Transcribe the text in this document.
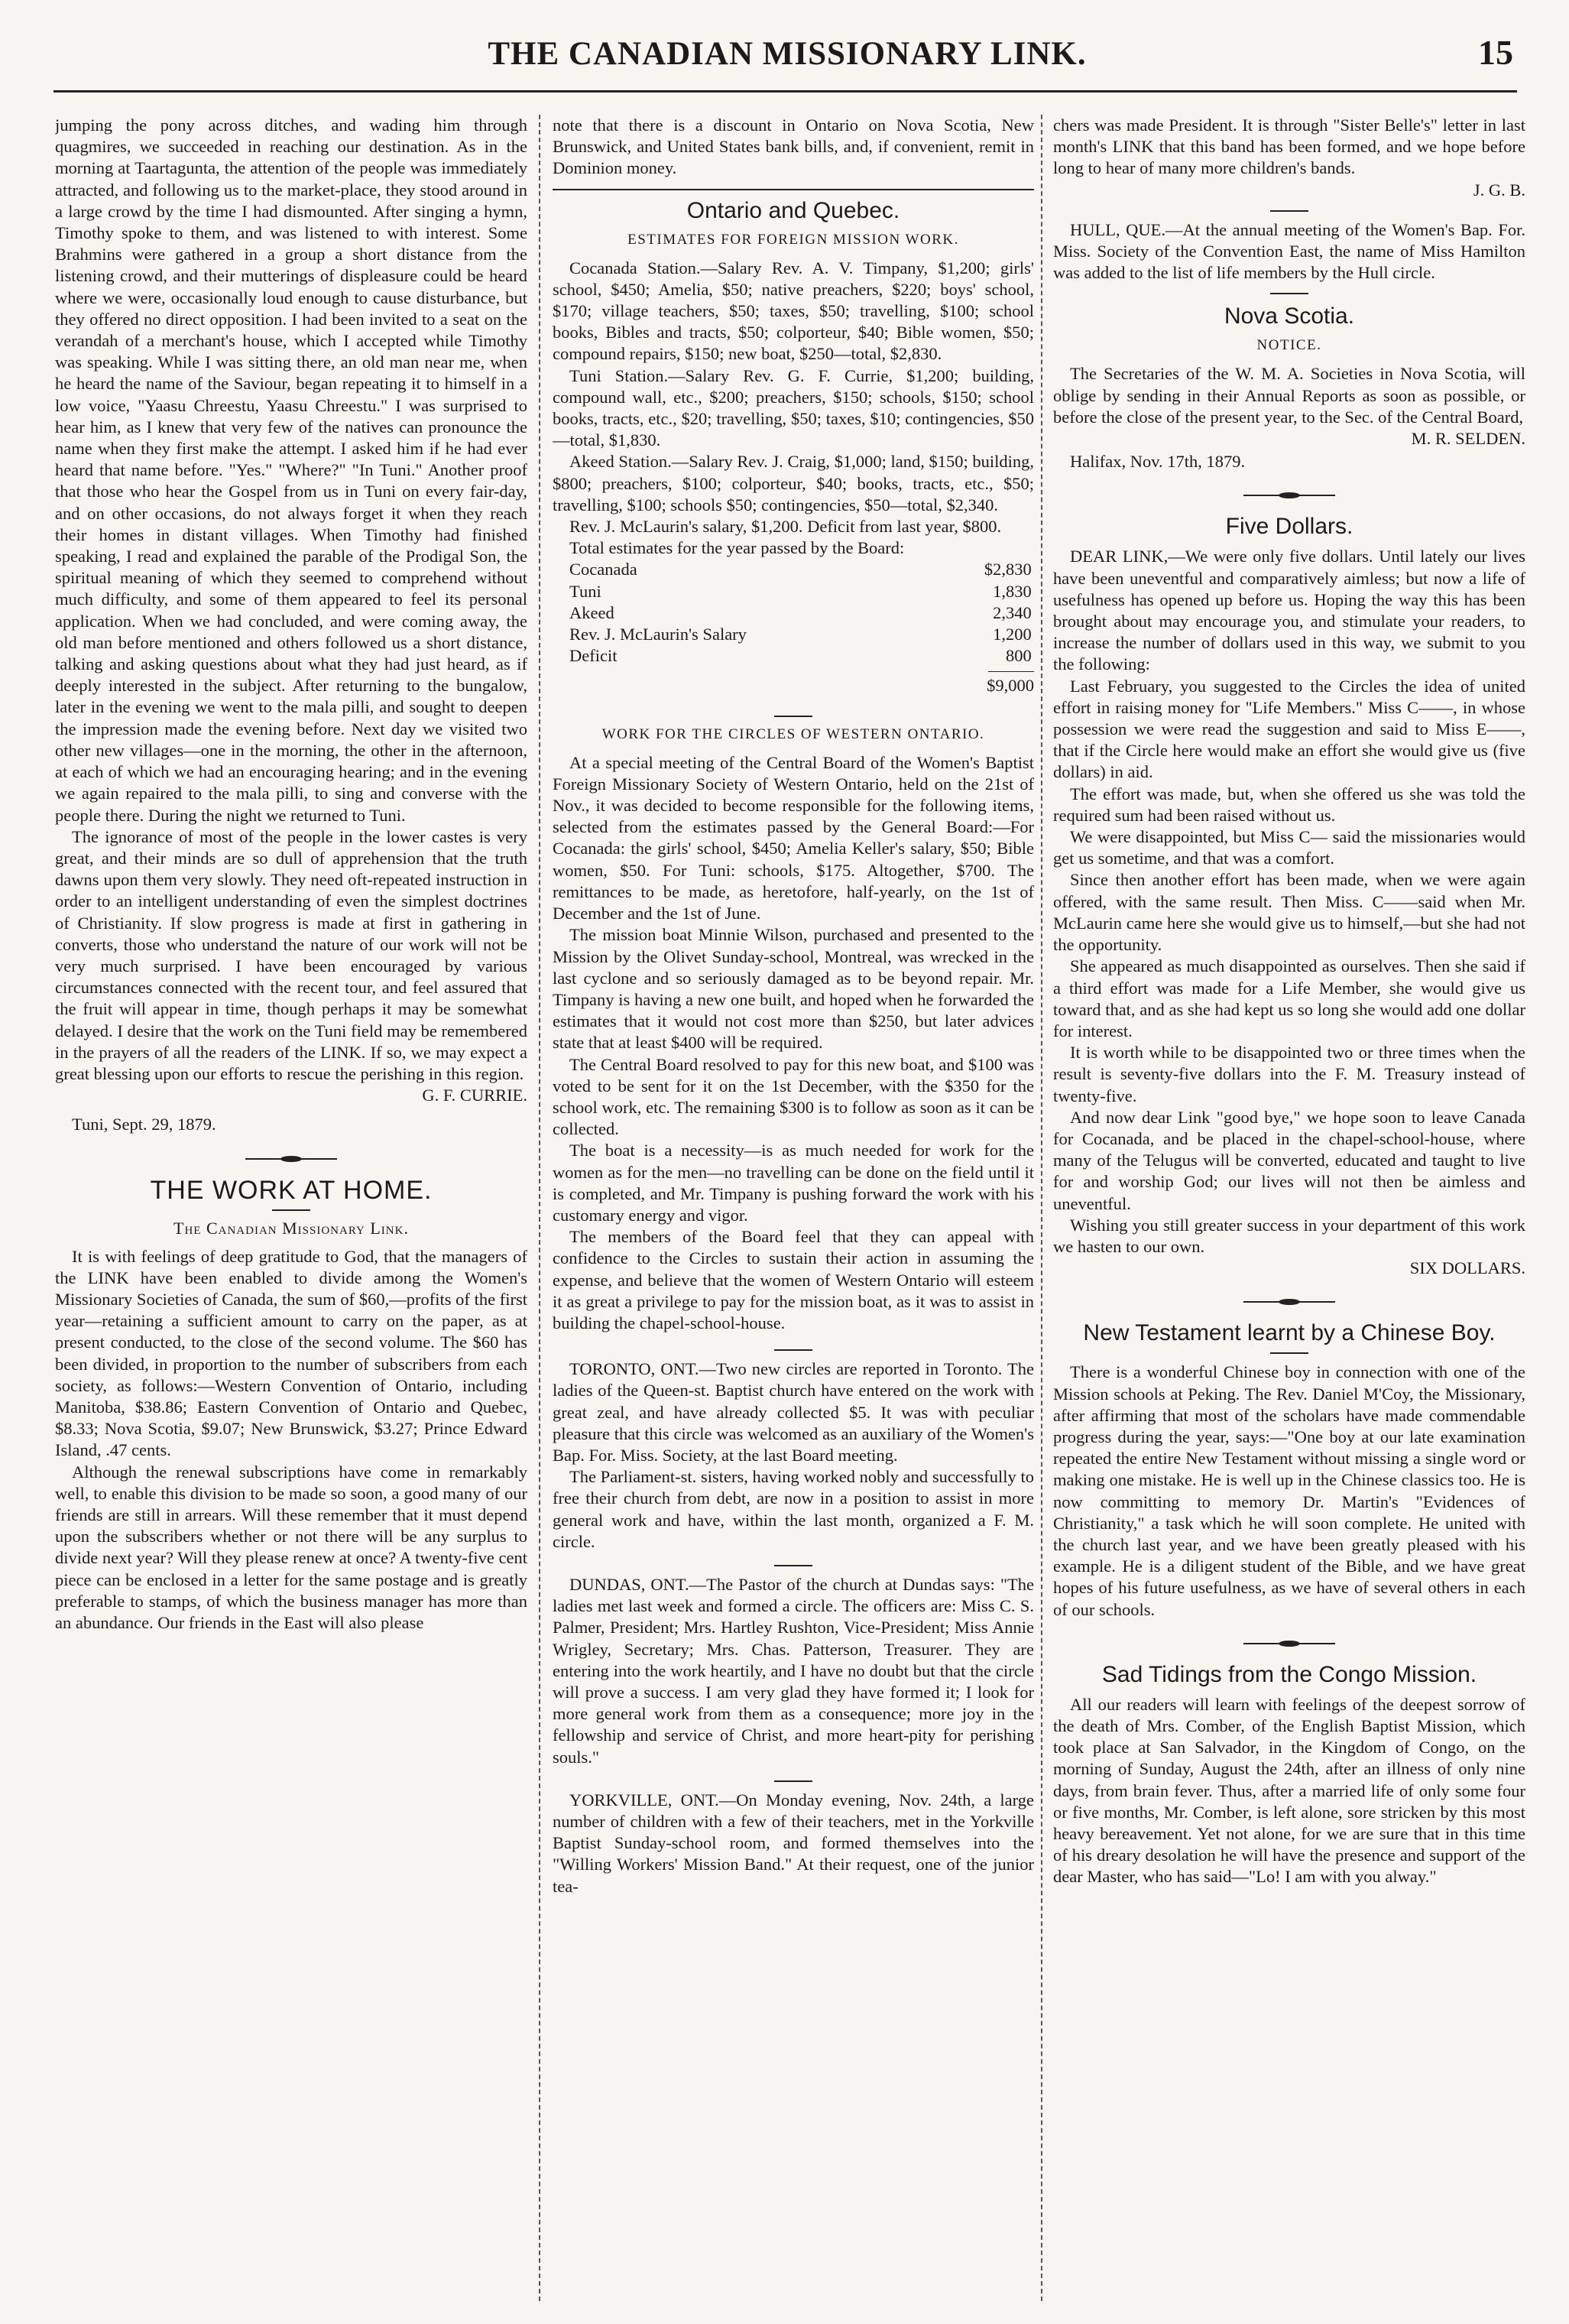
THE CANADIAN MISSIONARY LINK.	15

jumping the pony across ditches, and wading him through quagmires, we succeeded in reaching our destination. As in the morning at Taartagunta, the attention of the people was immediately attracted, and following us to the market-place, they stood around in a large crowd by the time I had dismounted. After singing a hymn, Timothy spoke to them, and was listened to with interest. Some Brahmins were gathered in a group a short distance from the listening crowd, and their mutterings of displeasure could be heard where we were, occasionally loud enough to cause disturbance, but they offered no direct opposition. I had been invited to a seat on the verandah of a merchant's house, which I accepted while Timothy was speaking. While I was sitting there, an old man near me, when he heard the name of the Saviour, began repeating it to himself in a low voice, "Yaasu Chreestu, Yaasu Chreestu." I was surprised to hear him, as I knew that very few of the natives can pronounce the name when they first make the attempt. I asked him if he had ever heard that name before. "Yes." "Where?" "In Tuni." Another proof that those who hear the Gospel from us in Tuni on every fair-day, and on other occasions, do not always forget it when they reach their homes in distant villages. When Timothy had finished speaking, I read and explained the parable of the Prodigal Son, the spiritual meaning of which they seemed to comprehend without much difficulty, and some of them appeared to feel its personal application. When we had concluded, and were coming away, the old man before mentioned and others followed us a short distance, talking and asking questions about what they had just heard, as if deeply interested in the subject. After returning to the bungalow, later in the evening we went to the mala pilli, and sought to deepen the impression made the evening before. Next day we visited two other new villages—one in the morning, the other in the afternoon, at each of which we had an encouraging hearing; and in the evening we again repaired to the mala pilli, to sing and converse with the people there. During the night we returned to Tuni.

The ignorance of most of the people in the lower castes is very great, and their minds are so dull of apprehension that the truth dawns upon them very slowly. They need oft-repeated instruction in order to an intelligent understanding of even the simplest doctrines of Christianity. If slow progress is made at first in gathering in converts, those who understand the nature of our work will not be very much surprised. I have been encouraged by various circumstances connected with the recent tour, and feel assured that the fruit will appear in time, though perhaps it may be somewhat delayed. I desire that the work on the Tuni field may be remembered in the prayers of all the readers of the LINK. If so, we may expect a great blessing upon our efforts to rescue the perishing in this region.

G. F. CURRIE.

Tuni, Sept. 29, 1879.

THE WORK AT HOME.
The Canadian Missionary Link.

It is with feelings of deep gratitude to God, that the managers of the LINK have been enabled to divide among the Women's Missionary Societies of Canada, the sum of $60,—profits of the first year—retaining a sufficient amount to carry on the paper, as at present conducted, to the close of the second volume. The $60 has been divided, in proportion to the number of subscribers from each society, as follows:—Western Convention of Ontario, including Manitoba, $38.86; Eastern Convention of Ontario and Quebec, $8.33; Nova Scotia, $9.07; New Brunswick, $3.27; Prince Edward Island, .47 cents.

Although the renewal subscriptions have come in remarkably well, to enable this division to be made so soon, a good many of our friends are still in arrears. Will these remember that it must depend upon the subscribers whether or not there will be any surplus to divide next year? Will they please renew at once? A twenty-five cent piece can be enclosed in a letter for the same postage and is greatly preferable to stamps, of which the business manager has more than an abundance. Our friends in the East will also please

note that there is a discount in Ontario on Nova Scotia, New Brunswick, and United States bank bills, and, if convenient, remit in Dominion money.

Ontario and Quebec.
ESTIMATES FOR FOREIGN MISSION WORK.

Cocanada Station.—Salary Rev. A. V. Timpany, $1,200; girls' school, $450; Amelia, $50; native preachers, $220; boys' school, $170; village teachers, $50; taxes, $50; travelling, $100; school books, Bibles and tracts, $50; colporteur, $40; Bible women, $50; compound repairs, $150; new boat, $250—total, $2,830.

Tuni Station.—Salary Rev. G. F. Currie, $1,200; building, compound wall, etc., $200; preachers, $150; schools, $150; school books, tracts, etc., $20; travelling, $50; taxes, $10; contingencies, $50—total, $1,830.

Akeed Station.—Salary Rev. J. Craig, $1,000; land, $150; building, $800; preachers, $100; colporteur, $40; books, tracts, etc., $50; travelling, $100; schools $50; contingencies, $50—total, $2,340.

Rev. J. McLaurin's salary, $1,200. Deficit from last year, $800.

Total estimates for the year passed by the Board:

Cocanada	$2,830
Tuni	1,830
Akeed	2,340
Rev. J. McLaurin's Salary	1,200
Deficit	800
$9,000
WORK FOR THE CIRCLES OF WESTERN ONTARIO.

At a special meeting of the Central Board of the Women's Baptist Foreign Missionary Society of Western Ontario, held on the 21st of Nov., it was decided to become responsible for the following items, selected from the estimates passed by the General Board:—For Cocanada: the girls' school, $450; Amelia Keller's salary, $50; Bible women, $50. For Tuni: schools, $175. Altogether, $700. The remittances to be made, as heretofore, half-yearly, on the 1st of December and the 1st of June.

The mission boat Minnie Wilson, purchased and presented to the Mission by the Olivet Sunday-school, Montreal, was wrecked in the last cyclone and so seriously damaged as to be beyond repair. Mr. Timpany is having a new one built, and hoped when he forwarded the estimates that it would not cost more than $250, but later advices state that at least $400 will be required.

The Central Board resolved to pay for this new boat, and $100 was voted to be sent for it on the 1st December, with the $350 for the school work, etc. The remaining $300 is to follow as soon as it can be collected.

The boat is a necessity—is as much needed for work for the women as for the men—no travelling can be done on the field until it is completed, and Mr. Timpany is pushing forward the work with his customary energy and vigor.

The members of the Board feel that they can appeal with confidence to the Circles to sustain their action in assuming the expense, and believe that the women of Western Ontario will esteem it as great a privilege to pay for the mission boat, as it was to assist in building the chapel-school-house.

TORONTO, ONT.—Two new circles are reported in Toronto. The ladies of the Queen-st. Baptist church have entered on the work with great zeal, and have already collected $5. It was with peculiar pleasure that this circle was welcomed as an auxiliary of the Women's Bap. For. Miss. Society, at the last Board meeting.

The Parliament-st. sisters, having worked nobly and successfully to free their church from debt, are now in a position to assist in more general work and have, within the last month, organized a F. M. circle.

DUNDAS, ONT.—The Pastor of the church at Dundas says: "The ladies met last week and formed a circle. The officers are: Miss C. S. Palmer, President; Mrs. Hartley Rushton, Vice-President; Miss Annie Wrigley, Secretary; Mrs. Chas. Patterson, Treasurer. They are entering into the work heartily, and I have no doubt but that the circle will prove a success. I am very glad they have formed it; I look for more general work from them as a consequence; more joy in the fellowship and service of Christ, and more heart-pity for perishing souls."

YORKVILLE, ONT.—On Monday evening, Nov. 24th, a large number of children with a few of their teachers, met in the Yorkville Baptist Sunday-school room, and formed themselves into the "Willing Workers' Mission Band." At their request, one of the junior tea-

chers was made President. It is through "Sister Belle's" letter in last month's LINK that this band has been formed, and we hope before long to hear of many more children's bands.

J. G. B.

HULL, QUE.—At the annual meeting of the Women's Bap. For. Miss. Society of the Convention East, the name of Miss Hamilton was added to the list of life members by the Hull circle.

Nova Scotia.
NOTICE.

The Secretaries of the W. M. A. Societies in Nova Scotia, will oblige by sending in their Annual Reports as soon as possible, or before the close of the present year, to the Sec. of the Central Board,

M. R. SELDEN.

Halifax, Nov. 17th, 1879.

Five Dollars.

DEAR LINK,—We were only five dollars. Until lately our lives have been uneventful and comparatively aimless; but now a life of usefulness has opened up before us. Hoping the way this has been brought about may encourage you, and stimulate your readers, to increase the number of dollars used in this way, we submit to you the following:

Last February, you suggested to the Circles the idea of united effort in raising money for "Life Members." Miss C——, in whose possession we were read the suggestion and said to Miss E——, that if the Circle here would make an effort she would give us (five dollars) in aid.

The effort was made, but, when she offered us she was told the required sum had been raised without us.

We were disappointed, but Miss C— said the missionaries would get us sometime, and that was a comfort.

Since then another effort has been made, when we were again offered, with the same result. Then Miss. C——said when Mr. McLaurin came here she would give us to himself,—but she had not the opportunity.

She appeared as much disappointed as ourselves. Then she said if a third effort was made for a Life Member, she would give us toward that, and as she had kept us so long she would add one dollar for interest.

It is worth while to be disappointed two or three times when the result is seventy-five dollars into the F. M. Treasury instead of twenty-five.

And now dear Link "good bye," we hope soon to leave Canada for Cocanada, and be placed in the chapel-school-house, where many of the Telugus will be converted, educated and taught to live for and worship God; our lives will not then be aimless and uneventful.

Wishing you still greater success in your department of this work we hasten to our own.

SIX DOLLARS.

New Testament learnt by a Chinese Boy.

There is a wonderful Chinese boy in connection with one of the Mission schools at Peking. The Rev. Daniel M'Coy, the Missionary, after affirming that most of the scholars have made commendable progress during the year, says:—"One boy at our late examination repeated the entire New Testament without missing a single word or making one mistake. He is well up in the Chinese classics too. He is now committing to memory Dr. Martin's "Evidences of Christianity," a task which he will soon complete. He united with the church last year, and we have been greatly pleased with his example. He is a diligent student of the Bible, and we have great hopes of his future usefulness, as we have of several others in each of our schools.

Sad Tidings from the Congo Mission.

All our readers will learn with feelings of the deepest sorrow of the death of Mrs. Comber, of the English Baptist Mission, which took place at San Salvador, in the Kingdom of Congo, on the morning of Sunday, August the 24th, after an illness of only nine days, from brain fever. Thus, after a married life of only some four or five months, Mr. Comber, is left alone, sore stricken by this most heavy bereavement. Yet not alone, for we are sure that in this time of his dreary desolation he will have the presence and support of the dear Master, who has said—"Lo! I am with you alway."
